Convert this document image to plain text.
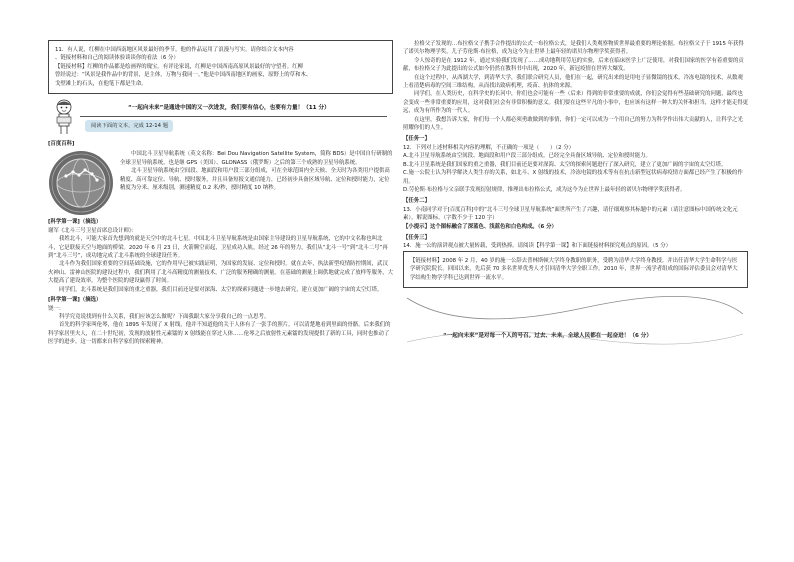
11．有人说，红柳在中国西南地区风景最好的季节，他的作品运用了浪漫与写实。请你结合文本内容

、链接材料和自己的阅读体验谈谈你的看法（6 分）

【链接材料】红柳的作品都是绘画界的瑰宝。有评论家说，红柳是中国西南高原风景最好的守望者。红柳

曾经说过：“风景是我作品中的背景，是主体，万物与我同一。”他是中国西南地区的画家，原野上的草和木、

戈壁滩上的石头，在他笔下都是生命。

“一起向未来”是通进中国的又一次进发，我们要有信心，也要有力量！（11 分）
阅读下面的文本，完成 12-14 题

[百度百科]

中国北斗卫星导航系统（英文名称：Bei Dou Navigation Satellite System，简称 BDS）是中国自行研制的全球卫星导航系统，也是继 GPS（美国）、GLONASS（俄罗斯）之后的第三个成熟的卫星导航系统。

北斗卫星导航系统由空间段、地面段和用户段三部分组成，可在全球范围内全天候、全天时为各类用户提供高精度、高可靠定位、导航、授时服务，并且具备短报文通信能力，已经初步具备区域导航、定位和授时能力，定位精度为分米、厘米级别，测速精度 0.2 米/秒，授时精度 10 纳秒。

[科学第一课]（摘选）

谢军《北斗三号卫星首席总设计师》：

我姓北斗，可能大家首先想到的就是天空中的北斗七星。中国北斗卫星导航系统是由国家主导建设的卫星导航系统，它的中文名称也叫北斗，它是联接天空与地面的桥梁。2020 年 6 月 23 日，火箭腾空而起，卫星成功入轨，经过 26 年的努力，我们从“北斗一号”到“北斗二号”再到“北斗三号”，成功地完成了北斗系统的全球建设任务。

北斗作为我们国家重要的空间基础设施，它的作用早已被实践证明，为国家的发展、定位和授时。就在去年，执法新型疫情防控期间，武汉火神山、雷神山医院的建设过程中，我们利用了北斗高精度的测量技术，广泛的服务精确的测量。在基础的测量上调供地就完成了放样等服务，大大提高了建设效率，为整个医院的建设赢得了时间。

同学们，北斗系统是我们国家的重之重器，我们目前还是要对深海、太空的探索问题进一步地去研究，建立更加广阔的宇宙的太空灯塔。

[科学第一课]（摘选）

饶一：

科学究竟说找到有什么关系，我们应该怎么做呢？下面我跟大家分享我自己的一点思考。

首先的科学家叫伦琴，他在 1895 年发现了 X 射线，他并不知道他的关于人体有了一张手的照片，可以清楚地看到里面的骨骼。后来我们的科学家居里夫人，在二十世纪初，发现的放射性元素镭的 X 射线能在穿过人体……伦琴之后放射性元素镭的发现提供了新的工具，同时也推动了医学的进步。这一切都来自科学家们的探索精神。

拉格父子发现的…布拉格父子携手合作提出的公式一布拉格公式，是我们人类观察物质世界最重要的理论依据。布拉格父子于 1915 年获得了诺贝尔物理学奖，儿子劳伦斯·布拉格，成为这今为止世界上最年轻的诺贝尔物理学奖获得者。

令人惊奇的是在 1912 年，通过实验我们发现了……成功地利用劳厄的实验，后来在临床医学上广泛使用，对我们国家的医学有着重要的贡献，布拉格父子为此提出的公式如今仍然在教科书中出现，2020 年，新冠疫情在世界大爆发。

在这个过程中，从西湖大学，到清华大学，我们联合研究人员，他们在一起，研究出来的是用电子显微镜的技术，冷冻电镜的技术，从数观上看清楚病毒的空间三维结构，从而找出致病机理，疫苗、抗体的来源。

同学们，在人类历史，在科学史的长河中，你们也会可能有一些（后来）得到的非常重要的成就，你们会觉得有些基础研究的问题，最终也会变成一些非常重要的应用，这对我们社会有非常积极的意义。我们要在这些平凡的小事中，也应该有这样一种大的关怀和担当，这样才能走得更远，成为有所作为的一代人。

在这里，我想告诉大家，你们每一个人都必须勇敢做到的事情，你们一定可以成为一个用自己的努力为科学作出伟大贡献的人，让科学之光照耀你们的人生。

【任务一】

12．下列对上述材料相关内容的理解，不正确的一项是（　　）（2 分）

A.北斗卫星导航系统由空间段、地面段和用户段三部分组成，已经完全具备区域导航、定位和授时能力。

B.北斗卫星系统是我们国家的重之重器，我们目前还是要对深海、太空的探索问题进行了深入研究，建立了更加广阔的宇宙的太空灯塔。

C.施一公院士认为科学解决人类生存的关系，如北斗、X 射线的技术，冷冻电镜的技术等有在抗击新型冠状病毒疫情方面都已经产生了积极的作用。

D.劳伦斯·布拉格与父亲联手发现衍射规律，推理出布拉格公式，成为这今为止世界上最年轻的诺贝尔物理学奖获得者。

【任务二】

13．小南同学对于[百度百科]中的“北斗三号全球卫星导航系统”面世所产生了兴趣，请仔细观察其标题中的元素（请注意图标中国传统文化元素），解说图标。（字数不少于 120 字）

【小提示】这个图标融合了深蓝色、浅蓝色和白色构成。（6 分）

【任务三】

14．施一公的演讲观点被大量转载，受到热捧。请阅读【科学第一课】和下面链接材料探究观点的原因。（5 分）

【链接材料】2008 年 2 月，40 岁的施一公辞去普林斯顿大学终身教职的职务，受聘为清华大学终身教授。并出任清华大学生命科学与医学研究院院长。回国以来，先后获 70 多名世界优秀人才引回清华大学全职工作。2010 年，世界一流学者组成的国际评估委员会对清华大学结构生物学学科已达到世界一流水平。

“一起向未来”是对每一个人的号召。过去、未来，全球人民都在一起奋进！（6 分）
